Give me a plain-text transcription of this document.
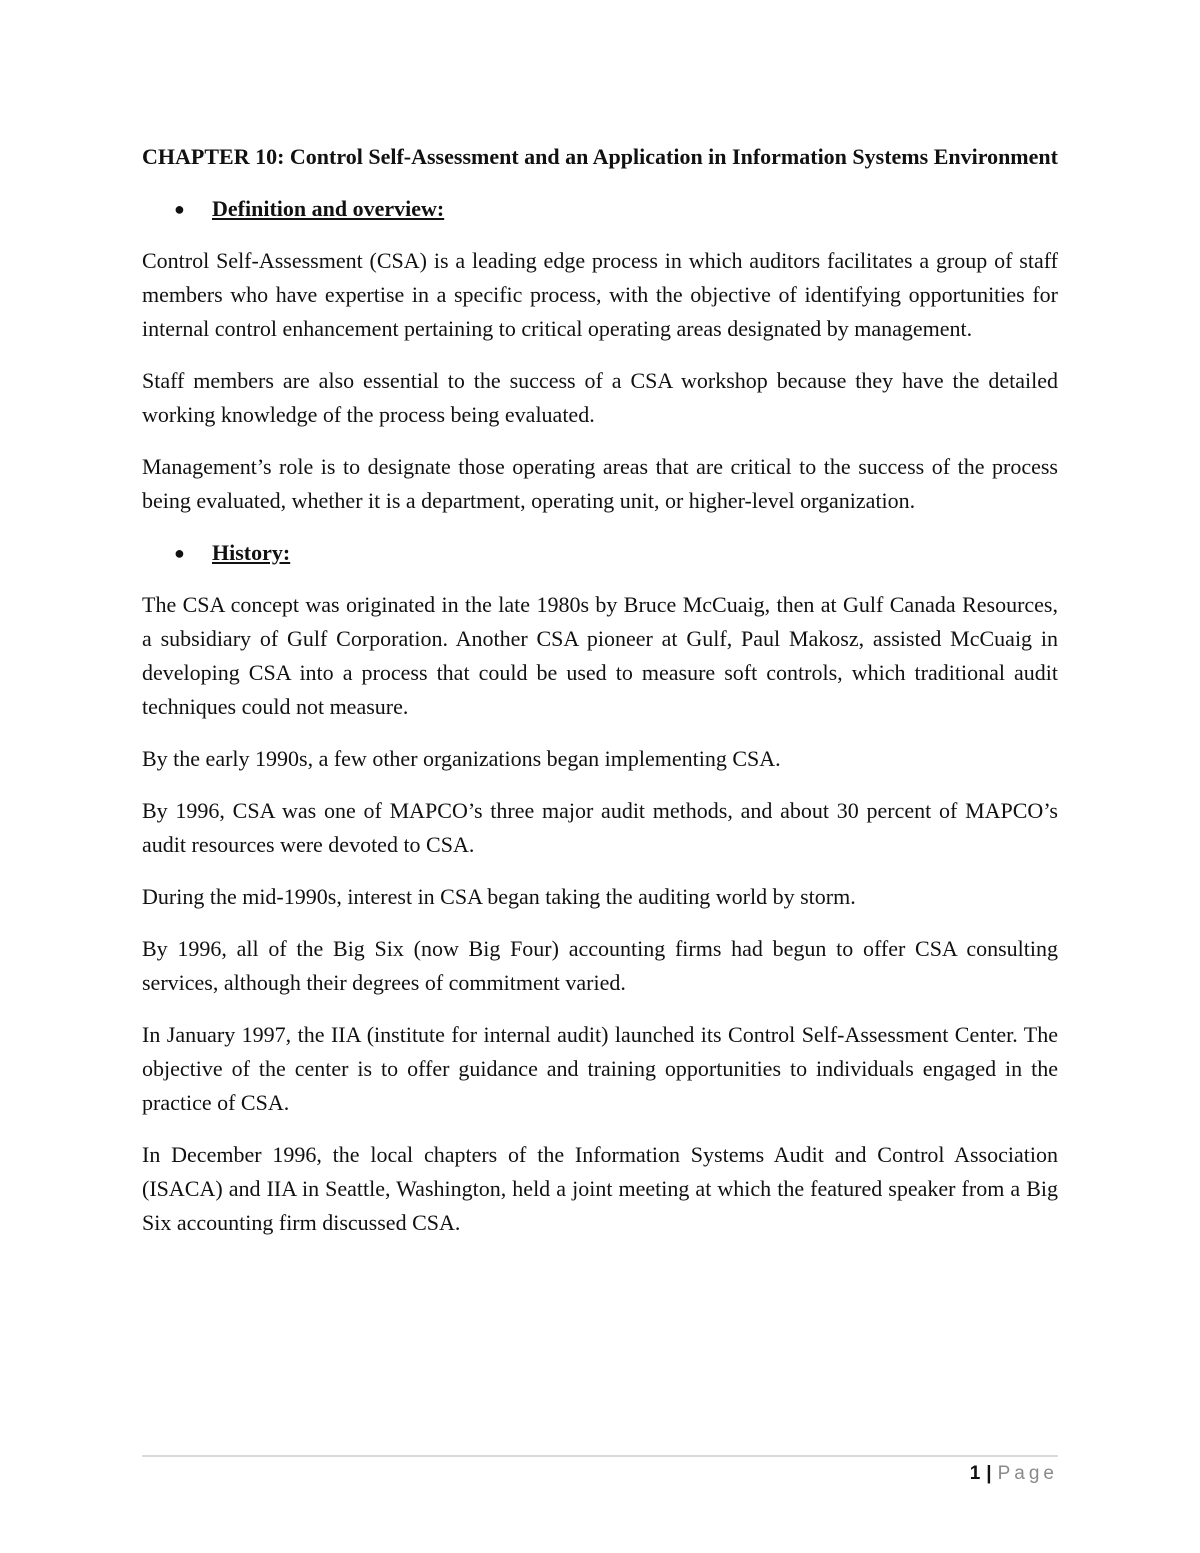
CHAPTER 10: Control Self-Assessment and an Application in Information Systems Environment
●	Definition and overview:

Control Self-Assessment (CSA) is a leading edge process in which auditors facilitates a group of staff members who have expertise in a specific process, with the objective of identifying opportunities for internal control enhancement pertaining to critical operating areas designated by management.

Staff members are also essential to the success of a CSA workshop because they have the detailed working knowledge of the process being evaluated.

Management’s role is to designate those operating areas that are critical to the success of the process being evaluated, whether it is a department, operating unit, or higher-level organization.

●	History:

The CSA concept was originated in the late 1980s by Bruce McCuaig, then at Gulf Canada Resources, a subsidiary of Gulf Corporation. Another CSA pioneer at Gulf, Paul Makosz, assisted McCuaig in developing CSA into a process that could be used to measure soft controls, which traditional audit techniques could not measure.

By the early 1990s, a few other organizations began implementing CSA.

By 1996, CSA was one of MAPCO’s three major audit methods, and about 30 percent of MAPCO’s audit resources were devoted to CSA.

During the mid-1990s, interest in CSA began taking the auditing world by storm.

By 1996, all of the Big Six (now Big Four) accounting firms had begun to offer CSA consulting services, although their degrees of commitment varied.

In January 1997, the IIA (institute for internal audit) launched its Control Self-Assessment Center. The objective of the center is to offer guidance and training opportunities to individuals engaged in the practice of CSA.

In December 1996, the local chapters of the Information Systems Audit and Control Association (ISACA) and IIA in Seattle, Washington, held a joint meeting at which the featured speaker from a Big Six accounting firm discussed CSA.

1 | Page
